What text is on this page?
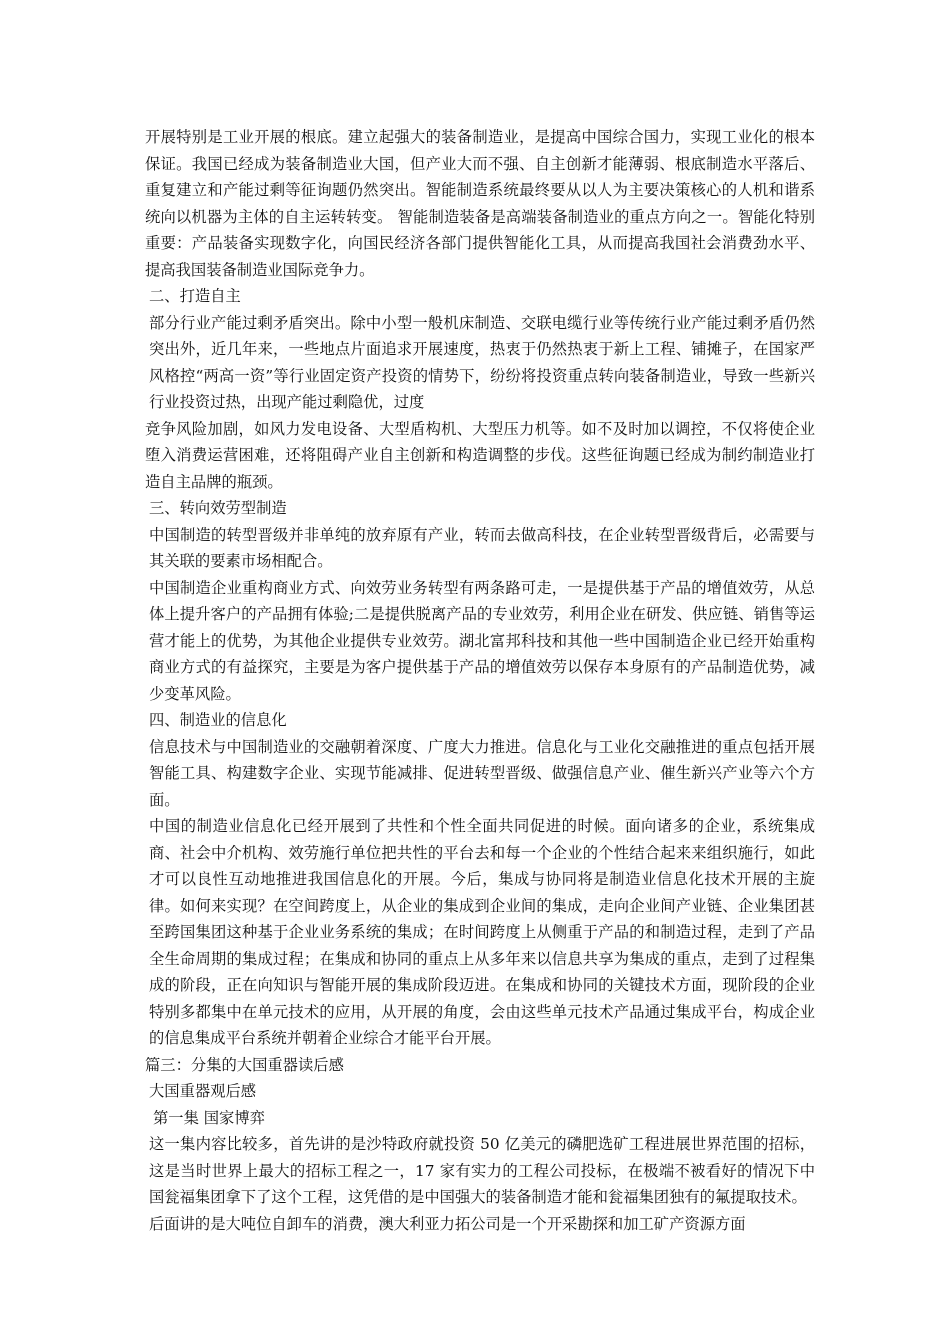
开展特别是工业开展的根底。建立起强大的装备制造业，是提高中国综合国力，实现工业化的根本保证。我国已经成为装备制造业大国，但产业大而不强、自主创新才能薄弱、根底制造水平落后、重复建立和产能过剩等征询题仍然突出。智能制造系统最终要从以人为主要决策核心的人机和谐系统向以机器为主体的自主运转转变。 智能制造装备是高端装备制造业的重点方向之一。智能化特别重要：产品装备实现数字化，向国民经济各部门提供智能化工具，从而提高我国社会消费劲水平、提高我国装备制造业国际竞争力。

二、打造自主

部分行业产能过剩矛盾突出。除中小型一般机床制造、交联电缆行业等传统行业产能过剩矛盾仍然突出外，近几年来，一些地点片面追求开展速度，热衷于仍然热衷于新上工程、铺摊子，在国家严风格控“两高一资”等行业固定资产投资的情势下，纷纷将投资重点转向装备制造业，导致一些新兴行业投资过热，出现产能过剩隐优，过度

竞争风险加剧，如风力发电设备、大型盾构机、大型压力机等。如不及时加以调控，不仅将使企业堕入消费运营困难，还将阻碍产业自主创新和构造调整的步伐。这些征询题已经成为制约制造业打造自主品牌的瓶颈。

三、转向效劳型制造

中国制造的转型晋级并非单纯的放弃原有产业，转而去做高科技，在企业转型晋级背后，必需要与其关联的要素市场相配合。

中国制造企业重构商业方式、向效劳业务转型有两条路可走，一是提供基于产品的增值效劳，从总体上提升客户的产品拥有体验;二是提供脱离产品的专业效劳，利用企业在研发、供应链、销售等运营才能上的优势，为其他企业提供专业效劳。湖北富邦科技和其他一些中国制造企业已经开始重构商业方式的有益探究，主要是为客户提供基于产品的增值效劳以保存本身原有的产品制造优势，减少变革风险。

四、制造业的信息化

信息技术与中国制造业的交融朝着深度、广度大力推进。信息化与工业化交融推进的重点包括开展智能工具、构建数字企业、实现节能减排、促进转型晋级、做强信息产业、催生新兴产业等六个方面。

中国的制造业信息化已经开展到了共性和个性全面共同促进的时候。面向诸多的企业，系统集成商、社会中介机构、效劳施行单位把共性的平台去和每一个企业的个性结合起来来组织施行，如此才可以良性互动地推进我国信息化的开展。今后，集成与协同将是制造业信息化技术开展的主旋律。如何来实现？在空间跨度上，从企业的集成到企业间的集成，走向企业间产业链、企业集团甚至跨国集团这种基于企业业务系统的集成；在时间跨度上从侧重于产品的和制造过程，走到了产品全生命周期的集成过程；在集成和协同的重点上从多年来以信息共享为集成的重点，走到了过程集成的阶段，正在向知识与智能开展的集成阶段迈进。在集成和协同的关键技术方面，现阶段的企业特别多都集中在单元技术的应用，从开展的角度，会由这些单元技术产品通过集成平台，构成企业的信息集成平台系统并朝着企业综合才能平台开展。

篇三：分集的大国重器读后感

大国重器观后感

第一集 国家博弈

这一集内容比较多，首先讲的是沙特政府就投资 50 亿美元的磷肥选矿工程进展世界范围的招标，这是当时世界上最大的招标工程之一，17 家有实力的工程公司投标，在极端不被看好的情况下中国瓮福集团拿下了这个工程，这凭借的是中国强大的装备制造才能和瓮福集团独有的氟提取技术。

后面讲的是大吨位自卸车的消费，澳大利亚力拓公司是一个开采勘探和加工矿产资源方面
